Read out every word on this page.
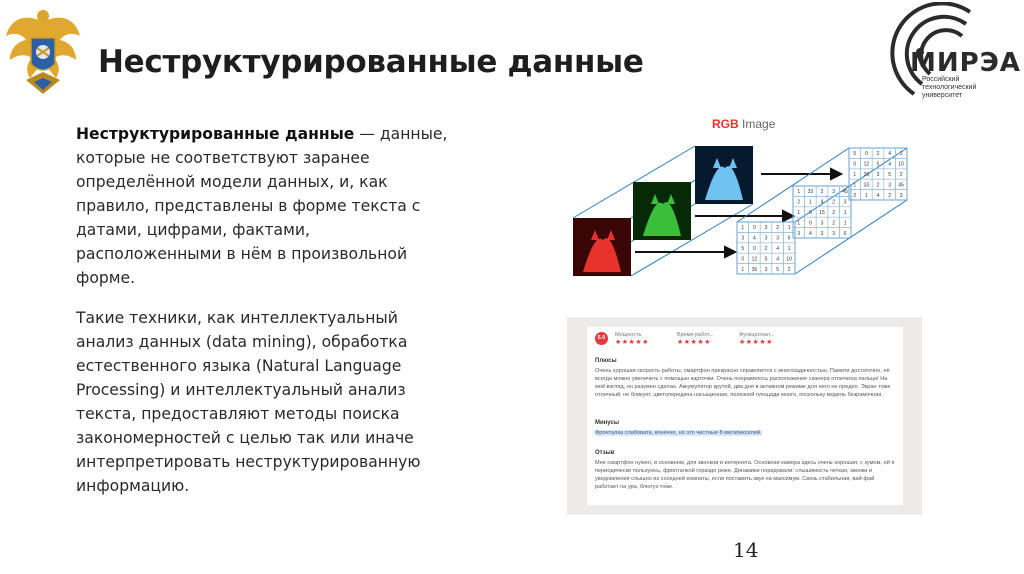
Неструктурированные данные	МИРЭА
Российский технологический университет

Неструктурированные данные — данные, которые не соответствуют заранее определённой модели данных, и, как правило, представлены в форме текста с датами, цифрами, фактами, расположенными в нём в произвольной форме.

Такие техники, как интеллектуальный анализ данных (data mining), обработка естественного языка (Natural Language Processing) и интеллектуальный анализ текста, предоставляют методы поиска закономерностей с целью так или иначе интерпретировать неструктурированную информацию.

RGB Image
1 0 3 2 1
3 4 3 3 6
5 0 2 4 1
0 12 5 4 10
1 36 3 5 2
1 33 2 3 45
2 1 4 2 3
1 6 15 2 1
1 0 3 2 1
3 4 3 3 6
5 0 2 4 1
0 12 5 4 10
1 36 3 5 2
1 33 2 3 45
2 1 4 2 3
5.0	Мощность
★★★★★
Время работ...
★★★★★
Функционал...
★★★★★
Плюсы
Очень хорошая скорость работы, смартфон прекрасно справляется с многозадачностью. Памяти достаточно, её всегда можно увеличить с помощью карточки. Очень понравилось расположение сканера отпечатка пальца! На мой взгляд, он разумно сделан. Аккумулятор крутой, два дня в активном режиме для него не предел. Экран тоже отличный: не бликует, цветопередача насыщенная, полезной площади много, поскольку модель безрамочная.
Минусы
Фронталка слабовата, конечно, но это честные 8 мегапикселей.
Отзыв
Мне смартфон нужен, в основном, для звонков и интернета. Основная камера здесь очень хорошая, с зумом, ей я периодически пользуюсь, фронталкой гораздо реже. Динамики порадовали: слышимость четкая, звонки и уведомления слышно из соседней комнаты, если поставить звук на максимум. Связь стабильная, вай-фай работает на ура, блютуз тоже.
14
